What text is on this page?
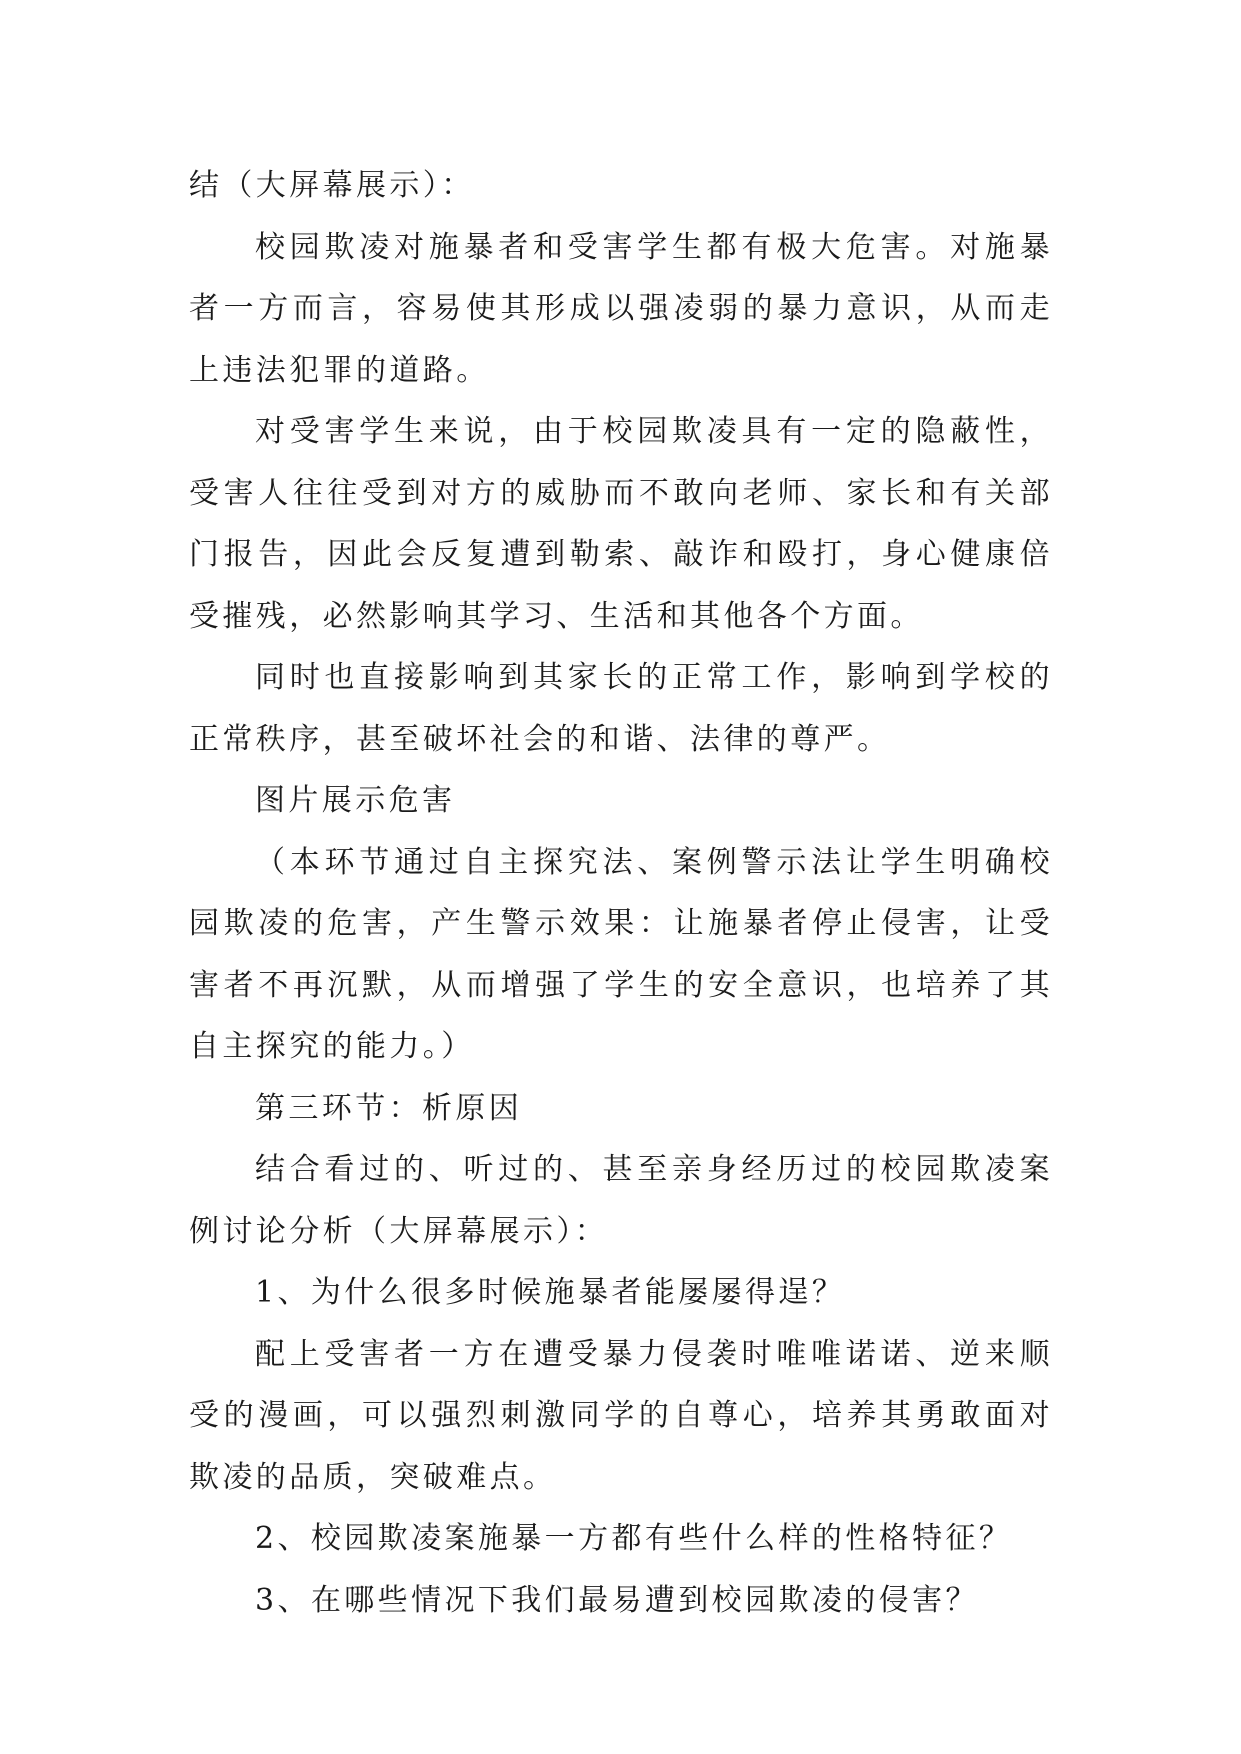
结（大屏幕展示）：

校园欺凌对施暴者和受害学生都有极大危害。对施暴者一方而言，容易使其形成以强凌弱的暴力意识，从而走上违法犯罪的道路。

对受害学生来说，由于校园欺凌具有一定的隐蔽性，受害人往往受到对方的威胁而不敢向老师、家长和有关部门报告，因此会反复遭到勒索、敲诈和殴打，身心健康倍受摧残，必然影响其学习、生活和其他各个方面。

同时也直接影响到其家长的正常工作，影响到学校的正常秩序，甚至破坏社会的和谐、法律的尊严。

图片展示危害

（本环节通过自主探究法、案例警示法让学生明确校园欺凌的危害，产生警示效果：让施暴者停止侵害，让受害者不再沉默，从而增强了学生的安全意识，也培养了其自主探究的能力。）

第三环节：析原因

结合看过的、听过的、甚至亲身经历过的校园欺凌案例讨论分析（大屏幕展示）：

1、为什么很多时候施暴者能屡屡得逞？

配上受害者一方在遭受暴力侵袭时唯唯诺诺、逆来顺受的漫画，可以强烈刺激同学的自尊心，培养其勇敢面对欺凌的品质，突破难点。

2、校园欺凌案施暴一方都有些什么样的性格特征？

3、在哪些情况下我们最易遭到校园欺凌的侵害？
